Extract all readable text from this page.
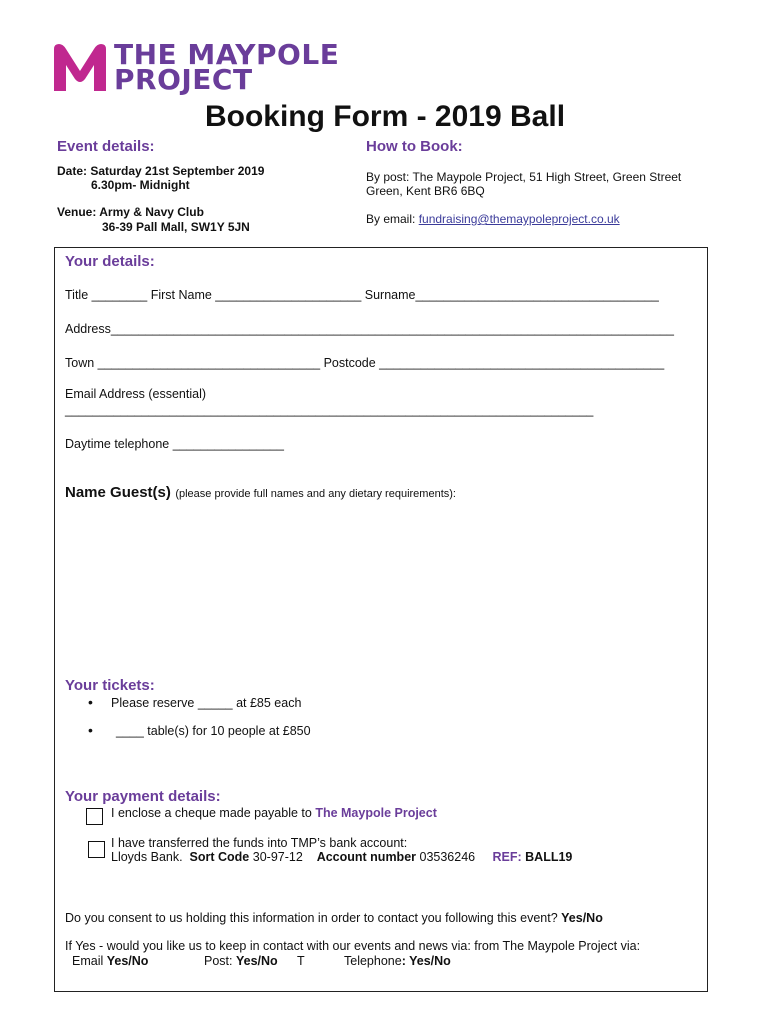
THE MAYPOLE
PROJECT
Booking Form - 2019 Ball
Event details:
Date: Saturday 21st September 2019
6.30pm- Midnight
Venue: Army & Navy Club
36-39 Pall Mall, SW1Y 5JN
How to Book:
By post: The Maypole Project, 51 High Street, Green Street
Green, Kent BR6 6BQ
By email: fundraising@themaypoleproject.co.uk
Your details:
Title ________ First Name _____________________ Surname___________________________________
Address_________________________________________________________________________________
Town ________________________________ Postcode _________________________________________
Email Address (essential)
____________________________________________________________________________
Daytime telephone ________________
Name Guest(s) (please provide full names and any dietary requirements):
Your tickets:
• Please reserve _____ at £85 each
• ____ table(s) for 10 people at £850
Your payment details:
I enclose a cheque made payable to The Maypole Project
I have transferred the funds into TMP’s bank account:
Lloyds Bank. Sort Code 30-97-12 Account number 03536246 REF: BALL19
Do you consent to us holding this information in order to contact you following this event? Yes/No
If Yes - would you like us to keep in contact with our events and news via: from The Maypole Project via:
Email Yes/No	Post: Yes/No T	Telephone: Yes/No
